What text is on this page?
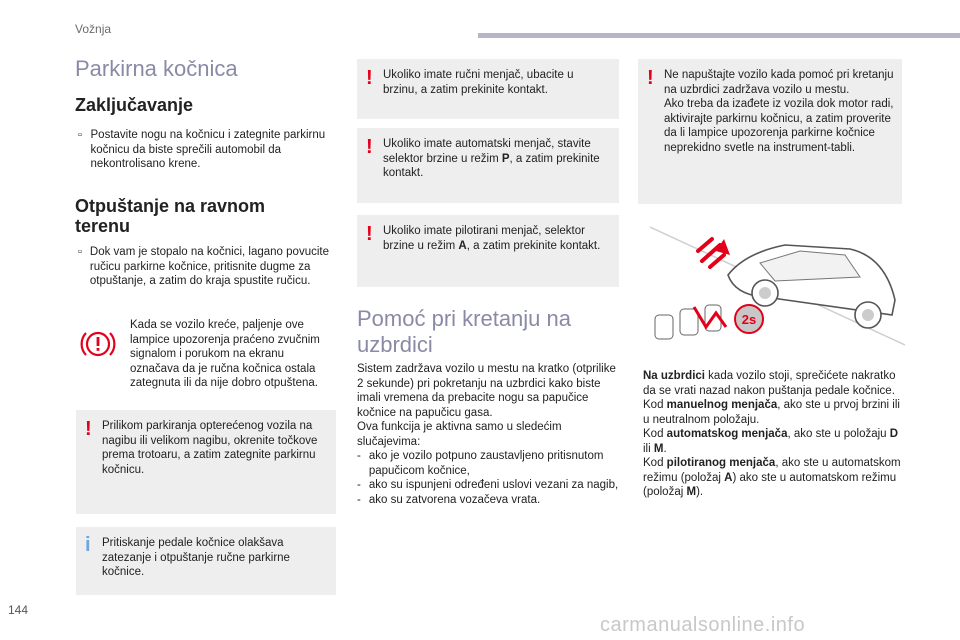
Vožnja
Parkirna kočnica
Zaključavanje
▫ Postavite nogu na kočnicu i zategnite parkirnu kočnicu da biste sprečili automobil da nekontrolisano krene.
Otpuštanje na ravnom
terenu
▫ Dok vam je stopalo na kočnici, lagano povucite ručicu parkirne kočnice, pritisnite dugme za otpuštanje, a zatim do kraja spustite ručicu.
Kada se vozilo kreće, paljenje ove lampice upozorenja praćeno zvučnim signalom i porukom na ekranu označava da je ručna kočnica ostala zategnuta ili da nije dobro otpuštena.
! Prilikom parkiranja opterećenog vozila na nagibu ili velikom nagibu, okrenite točkove prema trotoaru, a zatim zategnite parkirnu kočnicu.
i Pritiskanje pedale kočnice olakšava zatezanje i otpuštanje ručne parkirne kočnice.
! Ukoliko imate ručni menjač, ubacite u brzinu, a zatim prekinite kontakt.
! Ukoliko imate automatski menjač, stavite selektor brzine u režim P, a zatim prekinite kontakt.
! Ukoliko imate pilotirani menjač, selektor brzine u režim A, a zatim prekinite kontakt.
Pomoć pri kretanju na
uzbrdici
Sistem zadržava vozilo u mestu na kratko (otprilike 2 sekunde) pri pokretanju na uzbrdici kako biste imali vremena da prebacite nogu sa papučice kočnice na papučicu gasa.
Ova funkcija je aktivna samo u sledećim slučajevima:
- ako je vozilo potpuno zaustavljeno pritisnutom papučicom kočnice,
- ako su ispunjeni određeni uslovi vezani za nagib,
- ako su zatvorena vozačeva vrata.
! Ne napuštajte vozilo kada pomoć pri kretanju na uzbrdici zadržava vozilo u mestu.
Ako treba da izađete iz vozila dok motor radi, aktivirajte parkirnu kočnicu, a zatim proverite da li lampice upozorenja parkirne kočnice neprekidno svetle na instrument-tabli.
2s
Na uzbrdici kada vozilo stoji, sprečićete nakratko da se vrati nazad nakon puštanja pedale kočnice.
Kod manuelnog menjača, ako ste u prvoj brzini ili u neutralnom položaju.
Kod automatskog menjača, ako ste u položaju D ili M.
Kod pilotiranog menjača, ako ste u automatskom režimu (položaj A) ako ste u automatskom režimu (položaj M).
144
carmanualsonline.info
